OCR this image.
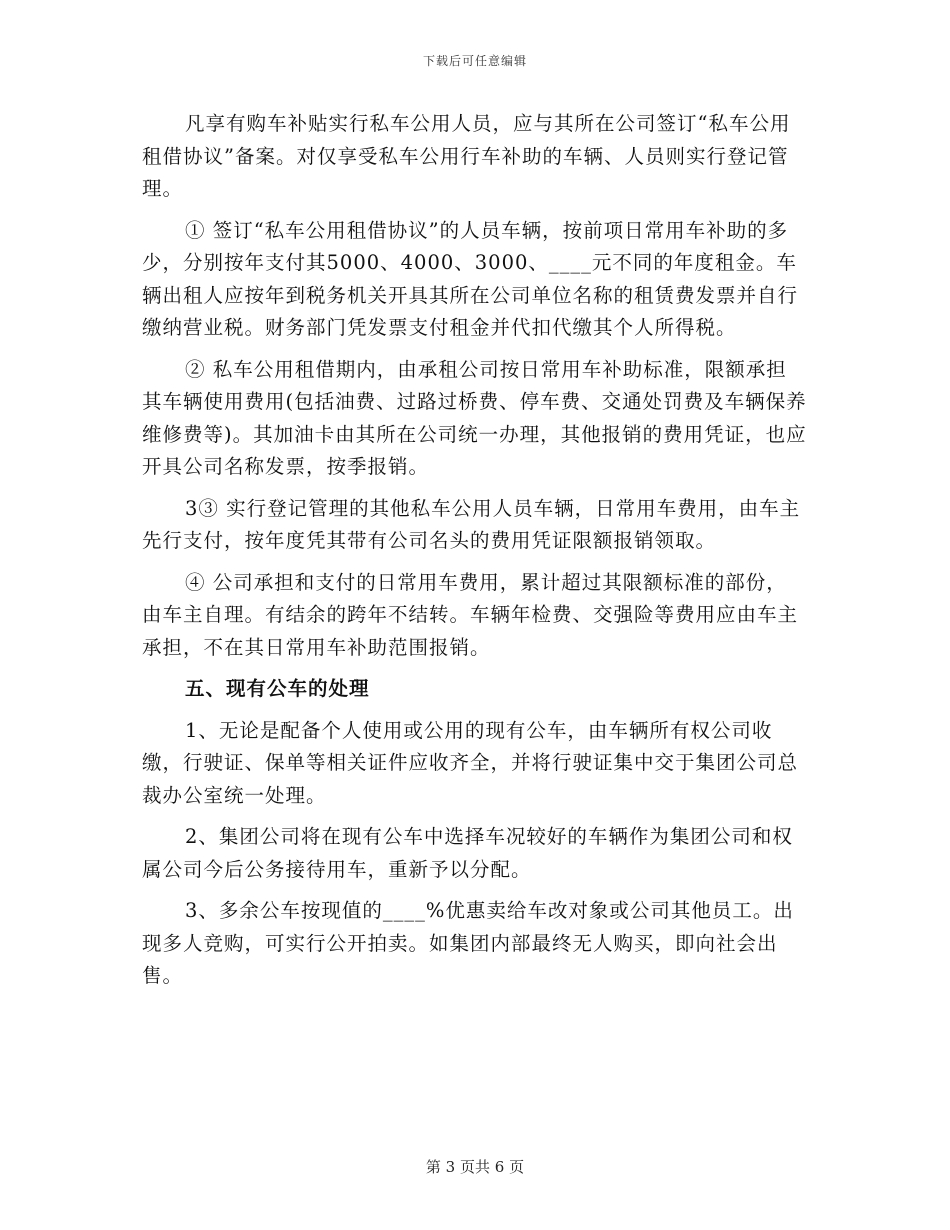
下载后可任意编辑

凡享有购车补贴实行私车公用人员，应与其所在公司签订“私车公用租借协议”备案。对仅享受私车公用行车补助的车辆、人员则实行登记管理。

① 签订“私车公用租借协议”的人员车辆，按前项日常用车补助的多少，分别按年支付其5000、4000、3000、____元不同的年度租金。车辆出租人应按年到税务机关开具其所在公司单位名称的租赁费发票并自行缴纳营业税。财务部门凭发票支付租金并代扣代缴其个人所得税。

② 私车公用租借期内，由承租公司按日常用车补助标准，限额承担其车辆使用费用(包括油费、过路过桥费、停车费、交通处罚费及车辆保养维修费等)。其加油卡由其所在公司统一办理，其他报销的费用凭证，也应开具公司名称发票，按季报销。

3③ 实行登记管理的其他私车公用人员车辆，日常用车费用，由车主先行支付，按年度凭其带有公司名头的费用凭证限额报销领取。

④ 公司承担和支付的日常用车费用，累计超过其限额标准的部份，由车主自理。有结余的跨年不结转。车辆年检费、交强险等费用应由车主承担，不在其日常用车补助范围报销。

五、现有公车的处理

1、无论是配备个人使用或公用的现有公车，由车辆所有权公司收缴，行驶证、保单等相关证件应收齐全，并将行驶证集中交于集团公司总裁办公室统一处理。

2、集团公司将在现有公车中选择车况较好的车辆作为集团公司和权属公司今后公务接待用车，重新予以分配。

3、多余公车按现值的____%优惠卖给车改对象或公司其他员工。出现多人竞购，可实行公开拍卖。如集团内部最终无人购买，即向社会出售。

第 3 页共 6 页
